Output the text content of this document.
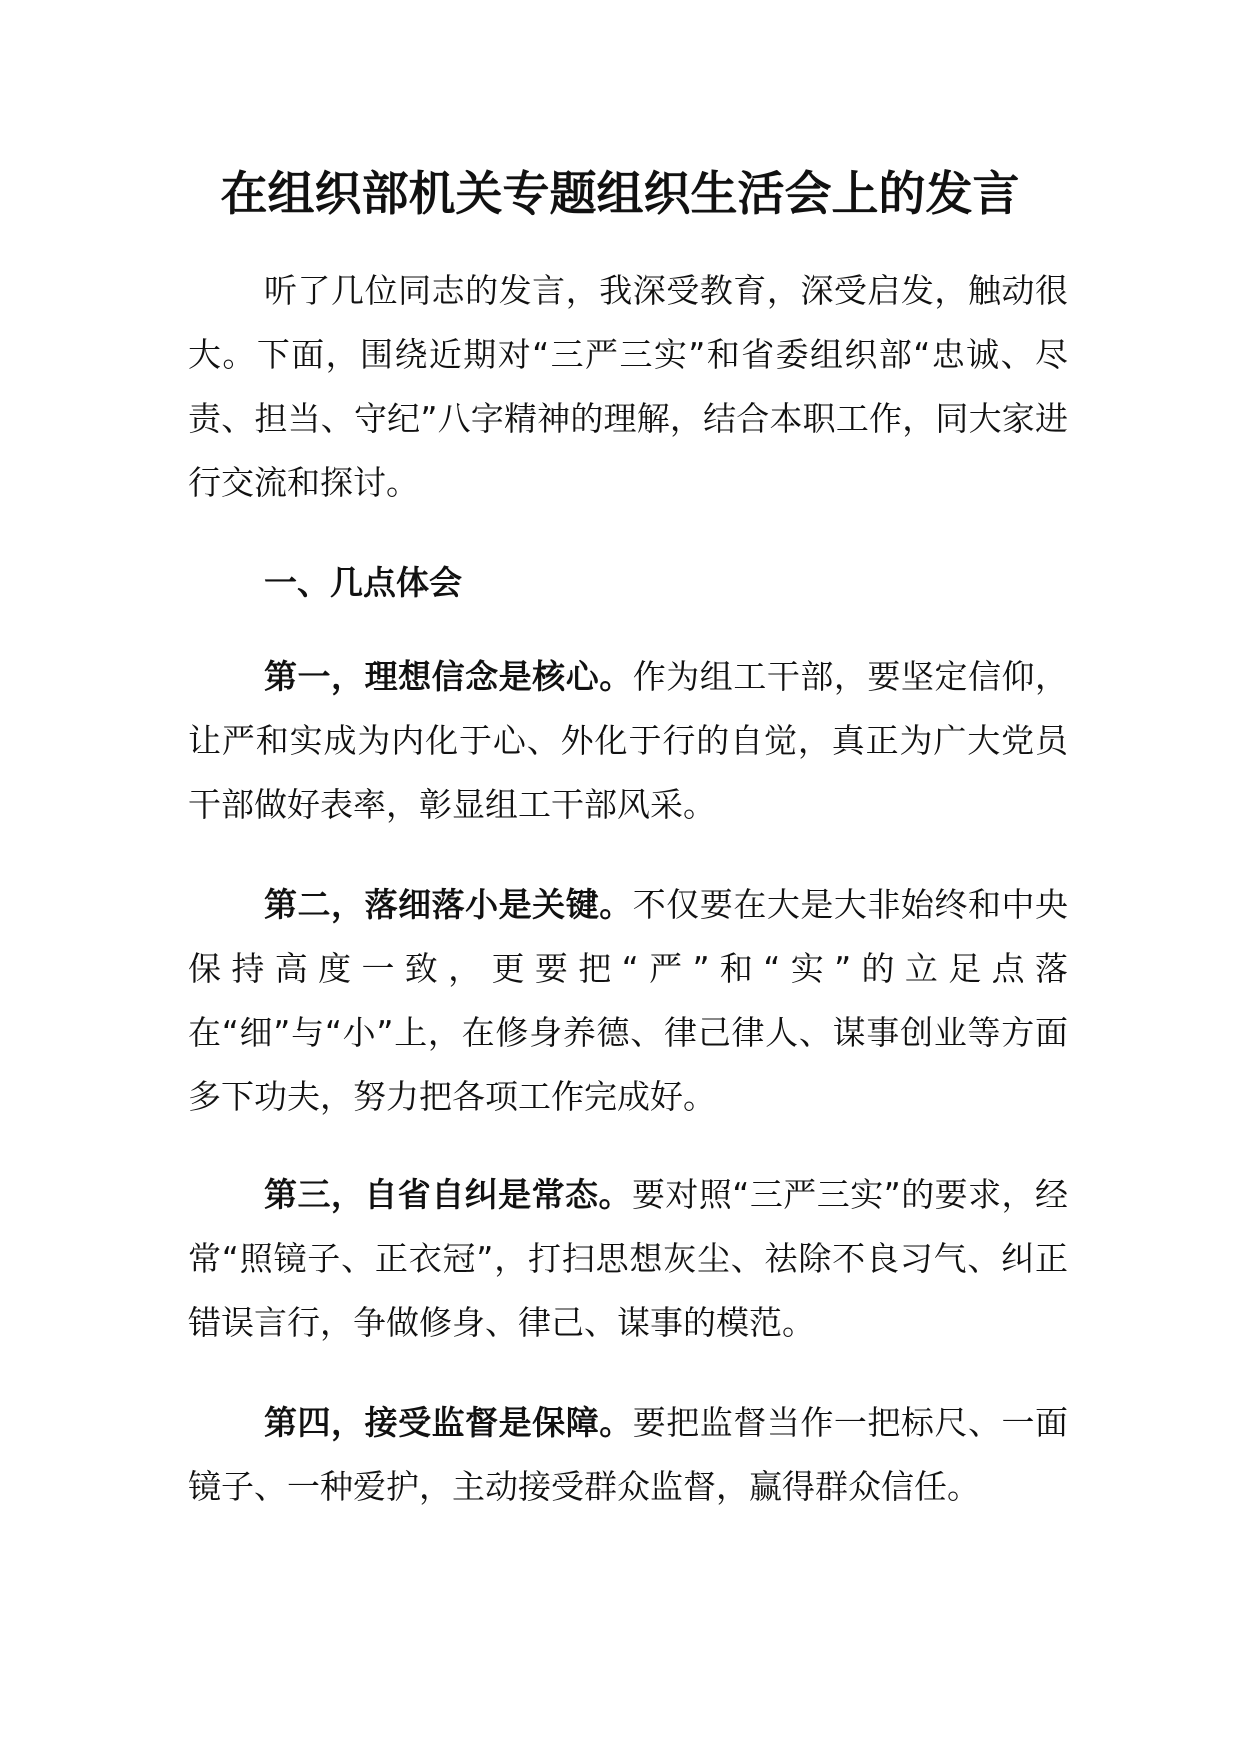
在组织部机关专题组织生活会上的发言

听了几位同志的发言，我深受教育，深受启发，触动很大。下面，围绕近期对“三严三实”和省委组织部“忠诚、尽责、担当、守纪”八字精神的理解，结合本职工作，同大家进行交流和探讨。

一、几点体会

第一，理想信念是核心。作为组工干部，要坚定信仰，让严和实成为内化于心、外化于行的自觉，真正为广大党员干部做好表率，彰显组工干部风采。

第二，落细落小是关键。不仅要在大是大非始终和中央保持高度一致，更要把“严”和“实”的立足点落在“细”与“小”上，在修身养德、律己律人、谋事创业等方面多下功夫，努力把各项工作完成好。

第三，自省自纠是常态。要对照“三严三实”的要求，经常“照镜子、正衣冠”，打扫思想灰尘、祛除不良习气、纠正错误言行，争做修身、律己、谋事的模范。

第四，接受监督是保障。要把监督当作一把标尺、一面镜子、一种爱护，主动接受群众监督，赢得群众信任。
